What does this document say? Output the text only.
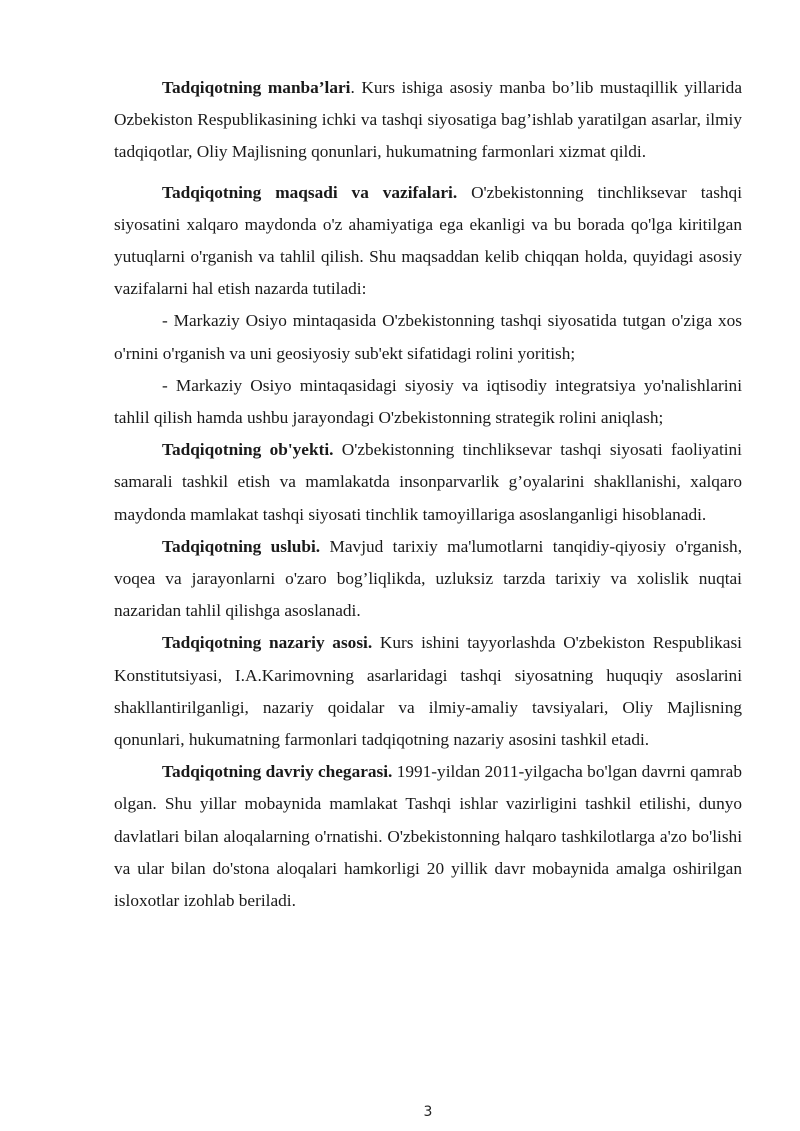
Tadqiqotning manba’lari. Kurs ishiga asosiy manba bo’lib mustaqillik yillarida Ozbekiston Respublikasining ichki va tashqi siyosatiga bag’ishlab yaratilgan asarlar, ilmiy tadqiqotlar, Oliy Majlisning qonunlari, hukumatning farmonlari xizmat qildi.

Tadqiqotning maqsadi va vazifalari. O'zbekistonning tinchliksevar tashqi siyosatini xalqaro maydonda o'z ahamiyatiga ega ekanligi va bu borada qo'lga kiritilgan yutuqlarni o'rganish va tahlil qilish. Shu maqsaddan kelib chiqqan holda, quyidagi asosiy vazifalarni hal etish nazarda tutiladi:

- Markaziy Osiyo mintaqasida O'zbekistonning tashqi siyosatida tutgan o'ziga xos o'rnini o'rganish va uni geosiyosiy sub'ekt sifatidagi rolini yoritish;

- Markaziy Osiyo mintaqasidagi siyosiy va iqtisodiy integratsiya yo'nalishlarini tahlil qilish hamda ushbu jarayondagi O'zbekistonning strategik rolini aniqlash;

Tadqiqotning ob'yekti. O'zbekistonning tinchliksevar tashqi siyosati faoliyatini samarali tashkil etish va mamlakatda insonparvarlik g’oyalarini shakllanishi, xalqaro maydonda mamlakat tashqi siyosati tinchlik tamoyillariga asoslanganligi hisoblanadi.

Tadqiqotning uslubi. Mavjud tarixiy ma'lumotlarni tanqidiy-qiyosiy o'rganish, voqea va jarayonlarni o'zaro bog’liqlikda, uzluksiz tarzda tarixiy va xolislik nuqtai nazaridan tahlil qilishga asoslanadi.

Tadqiqotning nazariy asosi. Kurs ishini tayyorlashda O'zbekiston Respublikasi Konstitutsiyasi, I.A.Karimovning asarlaridagi tashqi siyosatning huquqiy asoslarini shakllantirilganligi, nazariy qoidalar va ilmiy-amaliy tavsiyalari, Oliy Majlisning qonunlari, hukumatning farmonlari tadqiqotning nazariy asosini tashkil etadi.

Tadqiqotning davriy chegarasi. 1991-yildan 2011-yilgacha bo'lgan davrni qamrab olgan. Shu yillar mobaynida mamlakat Tashqi ishlar vazirligini tashkil etilishi, dunyo davlatlari bilan aloqalarning o'rnatishi. O'zbekistonning halqaro tashkilotlarga a'zo bo'lishi va ular bilan do'stona aloqalari hamkorligi 20 yillik davr mobaynida amalga oshirilgan isloxotlar izohlab beriladi.

3
